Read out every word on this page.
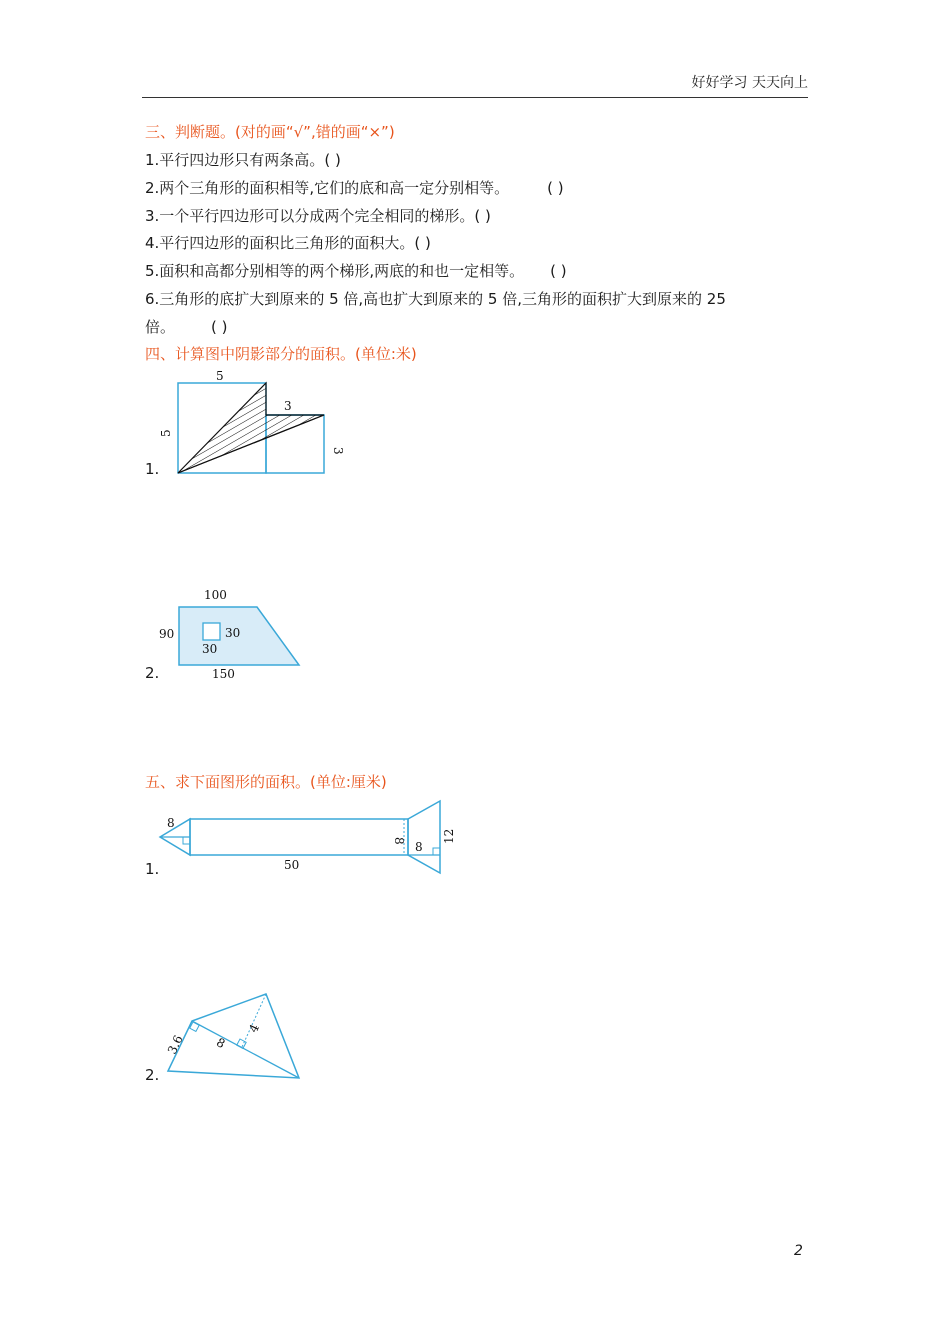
好好学习 天天向上
三、判断题。(对的画“√”,错的画“×”)
1.平行四边形只有两条高。( )
2.两个三角形的面积相等,它们的底和高一定分别相等。	( )
3.一个平行四边形可以分成两个完全相同的梯形。( )
4.平行四边形的面积比三角形的面积大。( )
5.面积和高都分别相等的两个梯形,两底的和也一定相等。 ( )
6.三角形的底扩大到原来的 5 倍,高也扩大到原来的 5 倍,三角形的面积扩大到原来的 25
倍。 ( )
四、计算图中阴影部分的面积。(单位:米)
1.
5
5
3
3
2.
100
90	30
30
150
五、求下面图形的面积。(单位:厘米)
1.
8
50
8 8
12
2.
3.6 8
4
2
